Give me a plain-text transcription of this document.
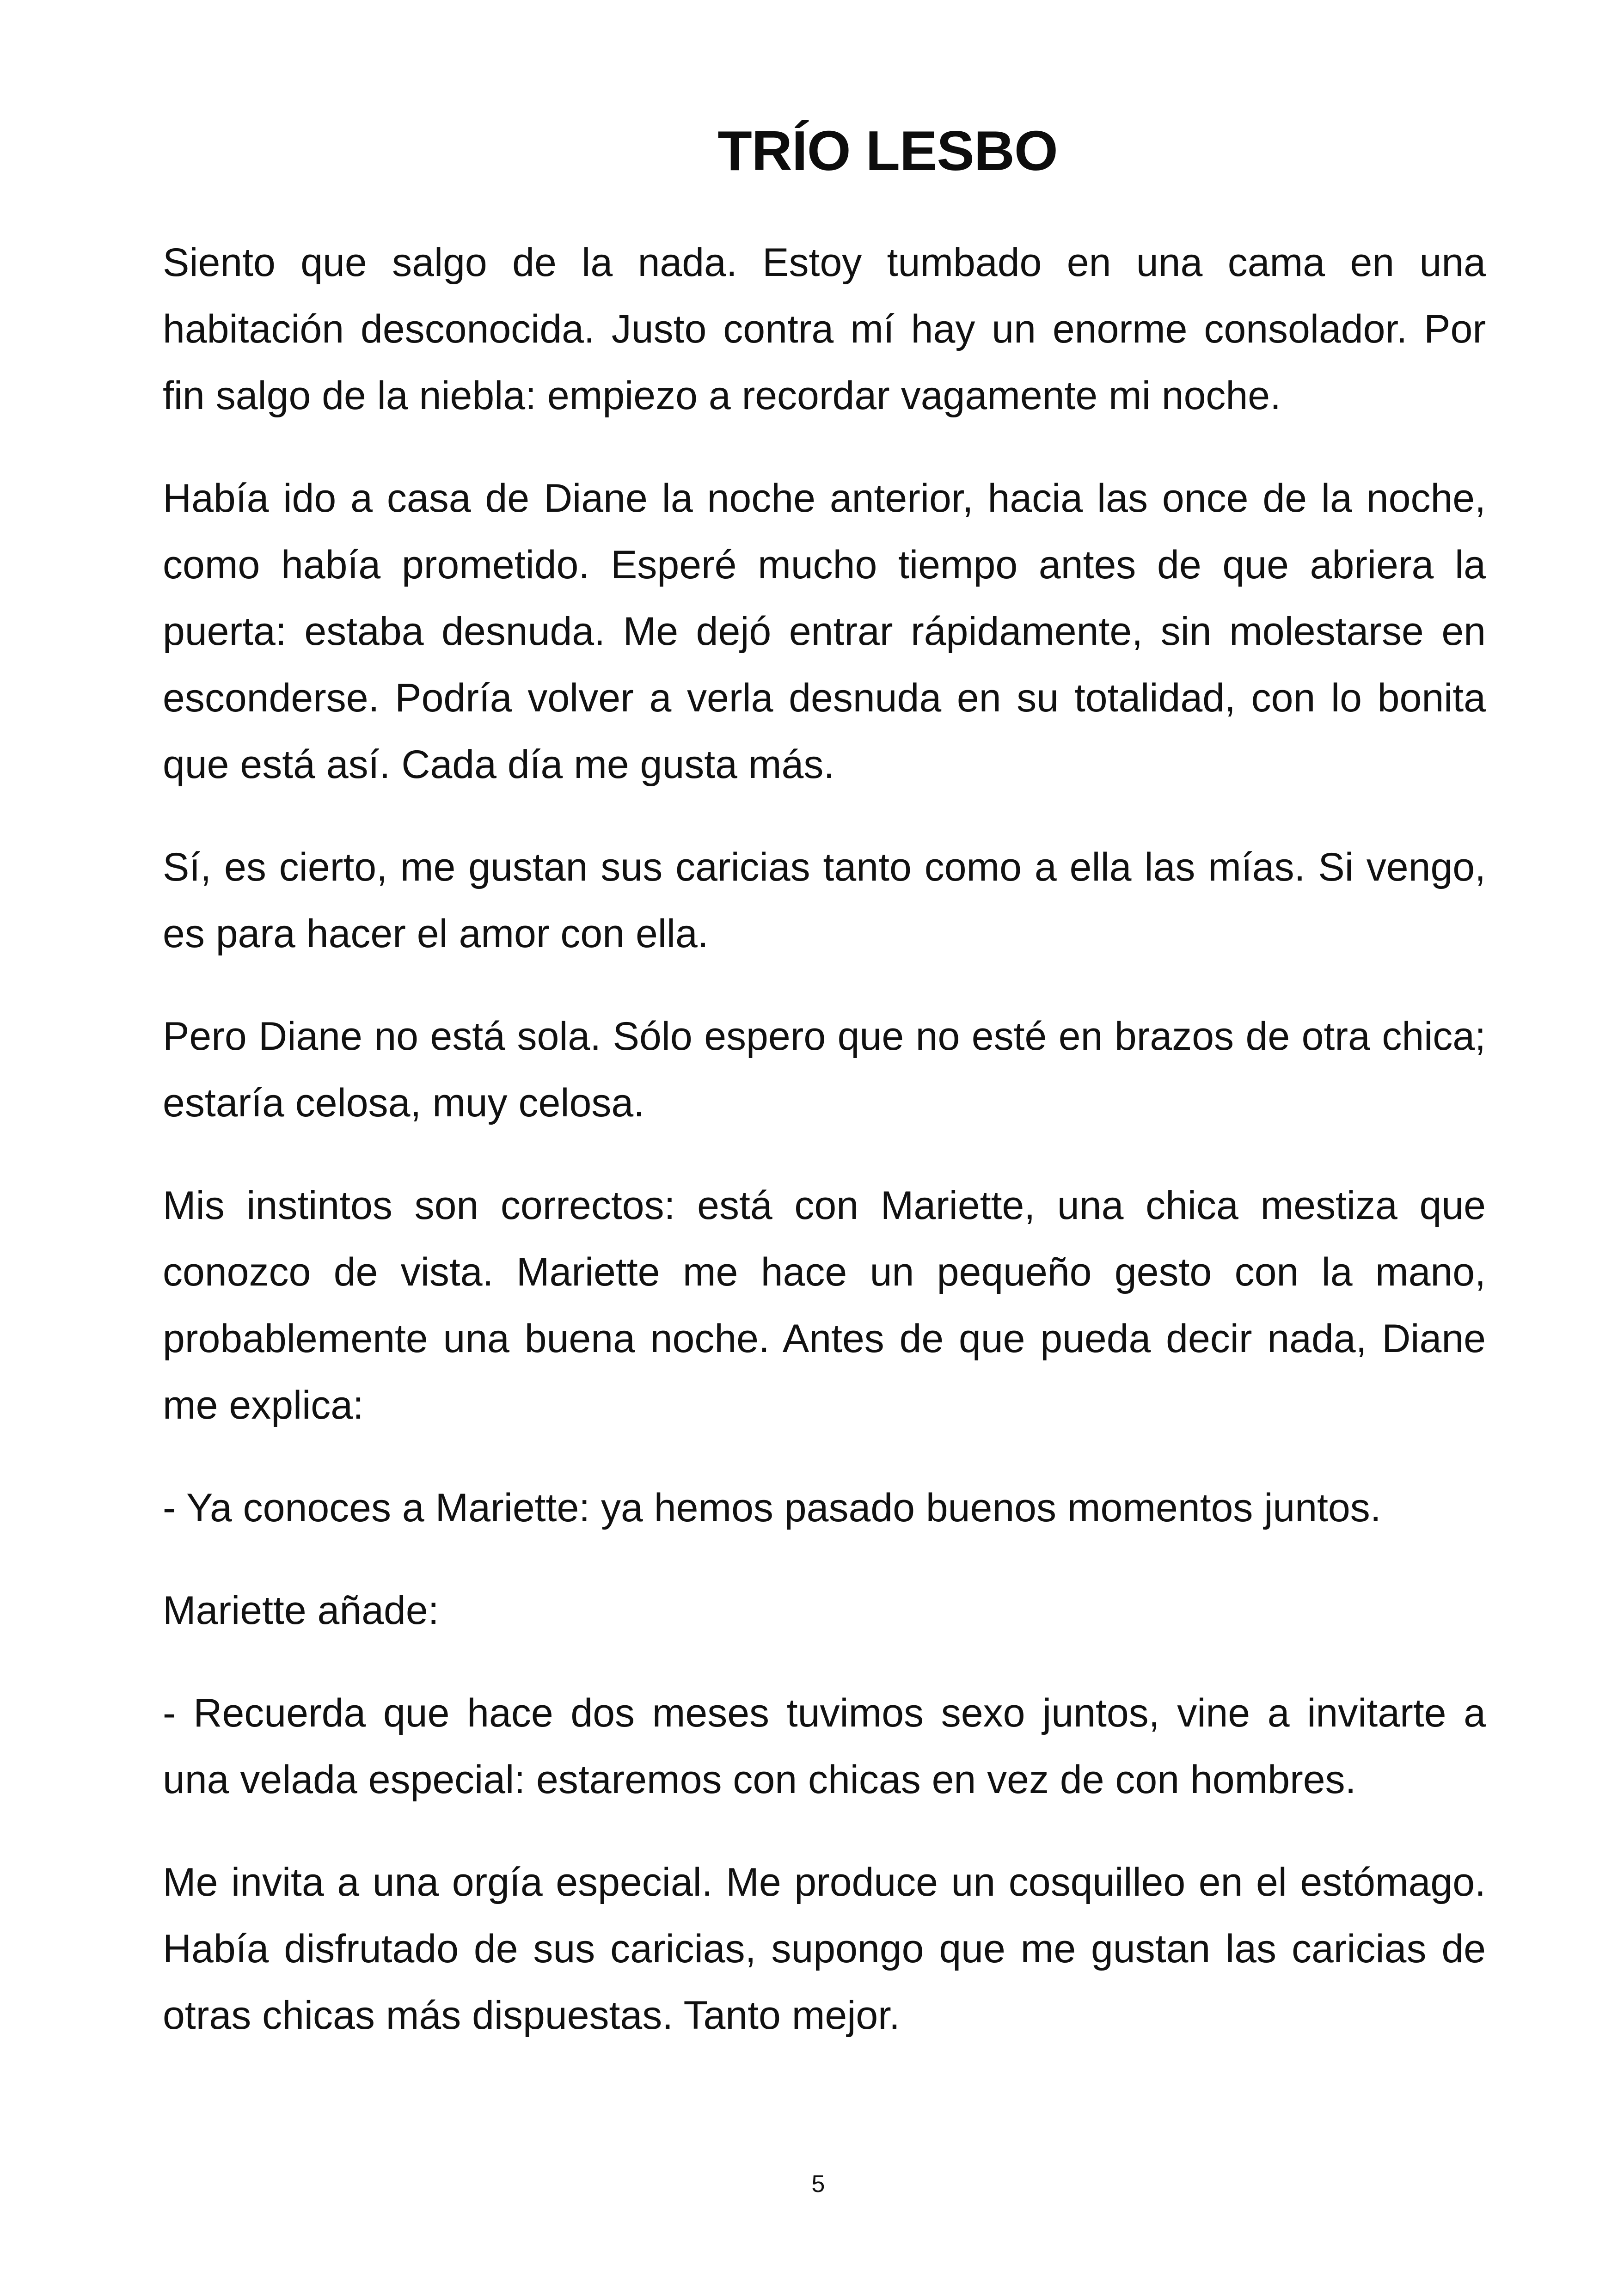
TRÍO LESBO

Siento que salgo de la nada. Estoy tumbado en una cama en una habitación desconocida. Justo contra mí hay un enorme consolador. Por fin salgo de la niebla: empiezo a recordar vagamente mi noche.

Había ido a casa de Diane la noche anterior, hacia las once de la noche, como había prometido. Esperé mucho tiempo antes de que abriera la puerta: estaba desnuda. Me dejó entrar rápidamente, sin molestarse en esconderse. Podría volver a verla desnuda en su totalidad, con lo bonita que está así. Cada día me gusta más.

Sí, es cierto, me gustan sus caricias tanto como a ella las mías. Si vengo, es para hacer el amor con ella.

Pero Diane no está sola. Sólo espero que no esté en brazos de otra chica; estaría celosa, muy celosa.

Mis instintos son correctos: está con Mariette, una chica mestiza que conozco de vista. Mariette me hace un pequeño gesto con la mano, probablemente una buena noche. Antes de que pueda decir nada, Diane me explica:

- Ya conoces a Mariette: ya hemos pasado buenos momentos juntos.

Mariette añade:

- Recuerda que hace dos meses tuvimos sexo juntos, vine a invitarte a una velada especial: estaremos con chicas en vez de con hombres.

Me invita a una orgía especial. Me produce un cosquilleo en el estómago. Había disfrutado de sus caricias, supongo que me gustan las caricias de otras chicas más dispuestas. Tanto mejor.

5
